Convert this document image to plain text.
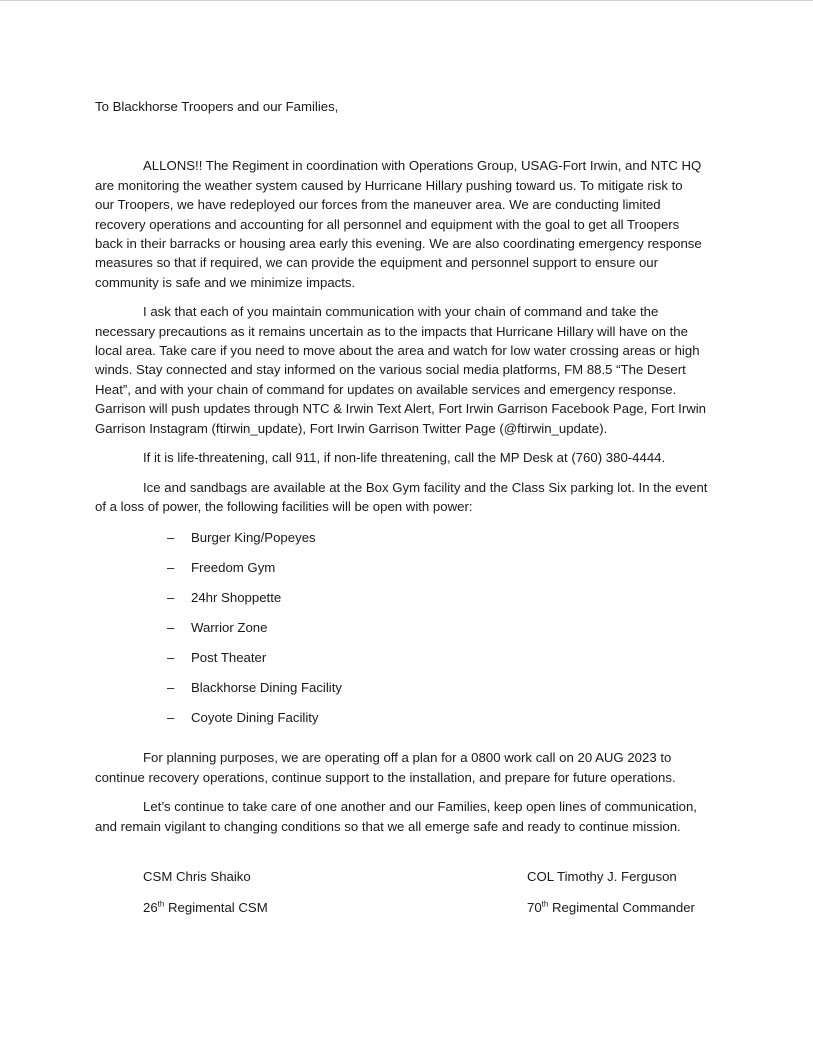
To Blackhorse Troopers and our Families,
ALLONS!! The Regiment in coordination with Operations Group, USAG-Fort Irwin, and NTC HQ
are monitoring the weather system caused by Hurricane Hillary pushing toward us. To mitigate risk to
our Troopers, we have redeployed our forces from the maneuver area. We are conducting limited
recovery operations and accounting for all personnel and equipment with the goal to get all Troopers
back in their barracks or housing area early this evening. We are also coordinating emergency response
measures so that if required, we can provide the equipment and personnel support to ensure our
community is safe and we minimize impacts.
I ask that each of you maintain communication with your chain of command and take the
necessary precautions as it remains uncertain as to the impacts that Hurricane Hillary will have on the
local area. Take care if you need to move about the area and watch for low water crossing areas or high
winds. Stay connected and stay informed on the various social media platforms, FM 88.5 “The Desert
Heat”, and with your chain of command for updates on available services and emergency response.
Garrison will push updates through NTC & Irwin Text Alert, Fort Irwin Garrison Facebook Page, Fort Irwin
Garrison Instagram (ftirwin_update), Fort Irwin Garrison Twitter Page (@ftirwin_update).
If it is life-threatening, call 911, if non-life threatening, call the MP Desk at (760) 380-4444.
Ice and sandbags are available at the Box Gym facility and the Class Six parking lot. In the event
of a loss of power, the following facilities will be open with power:
– Burger King/Popeyes
– Freedom Gym
– 24hr Shoppette
– Warrior Zone
– Post Theater
– Blackhorse Dining Facility
– Coyote Dining Facility
For planning purposes, we are operating off a plan for a 0800 work call on 20 AUG 2023 to
continue recovery operations, continue support to the installation, and prepare for future operations.
Let’s continue to take care of one another and our Families, keep open lines of communication,
and remain vigilant to changing conditions so that we all emerge safe and ready to continue mission.
CSM Chris Shaiko
26th Regimental CSM
COL Timothy J. Ferguson
70th Regimental Commander
